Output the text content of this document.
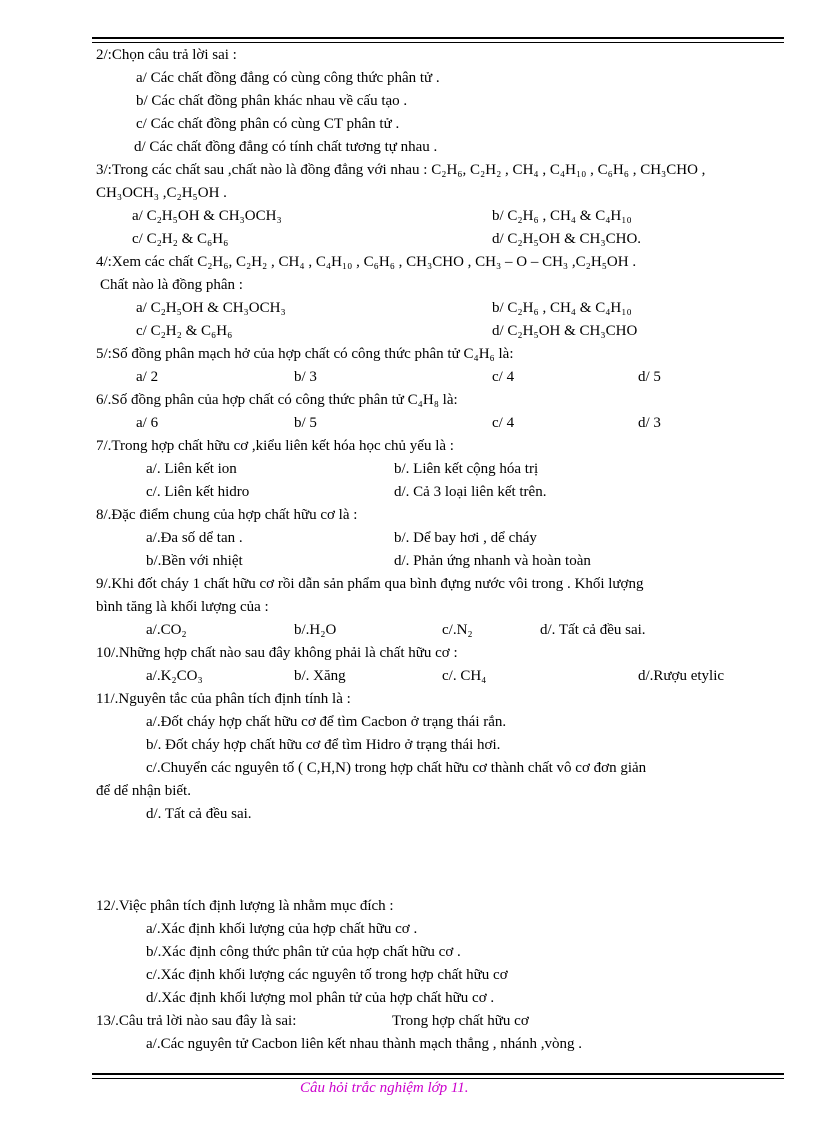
2/:Chọn câu trả lời sai :
a/ Các chất đồng đẳng có cùng công thức phân tử .
b/ Các chất đồng phân khác nhau về cấu tạo .
c/ Các chất đồng phân có cùng CT phân tử .
d/ Các chất đồng đẳng có tính chất tương tự nhau .
3/:Trong các chất sau ,chất nào là đồng đẳng với nhau : C₂H₆, C₂H₂ , CH₄ , C₄H₁₀ , C₆H₆ , CH₃CHO ,
CH₃OCH₃ ,C₂H₅OH .
a/ C₂H₅OH & CH₃OCH₃	b/ C₂H₆ , CH₄ & C₄H₁₀
c/ C₂H₂ & C₆H₆	d/ C₂H₅OH & CH₃CHO.
4/:Xem các chất C₂H₆, C₂H₂ , CH₄ , C₄H₁₀ , C₆H₆ , CH₃CHO , CH₃ – O – CH₃ ,C₂H₅OH .
Chất nào là đồng phân :
a/ C₂H₅OH & CH₃OCH₃	b/ C₂H₆ , CH₄ & C₄H₁₀
c/ C₂H₂ & C₆H₆	d/ C₂H₅OH & CH₃CHO
5/:Số đồng phân mạch hở của hợp chất có công thức phân tử C₄H₆ là:
a/ 2	b/ 3	c/ 4	d/ 5
6/.Số đồng phân của hợp chất có công thức phân tử C₄H₈ là:
a/ 6	b/ 5	c/ 4	d/ 3
7/.Trong hợp chất hữu cơ ,kiểu liên kết hóa học chủ yếu là :
a/. Liên kết ion	b/. Liên kết cộng hóa trị
c/. Liên kết hidro	d/. Cả 3 loại liên kết trên.
8/.Đặc điểm chung của hợp chất hữu cơ là :
a/.Đa số dể tan .	b/. Dể bay hơi , dể cháy
b/.Bền với nhiệt	d/. Phản ứng nhanh và hoàn toàn
9/.Khi đốt cháy 1 chất hữu cơ rồi dẫn sản phẩm qua bình đựng nước vôi trong . Khối lượng
bình tăng là khối lượng của :
a/.CO₂	b/.H₂O	c/.N₂	d/. Tất cả đều sai.
10/.Những hợp chất nào sau đây không phải là chất hữu cơ :
a/.K₂CO₃	b/. Xăng	c/. CH₄	d/.Rượu etylic
11/.Nguyên tắc của phân tích định tính là :
a/.Đốt cháy hợp chất hữu cơ để tìm Cacbon ở trạng thái rắn.
b/. Đốt cháy hợp chất hữu cơ để tìm Hidro ở trạng thái hơi.
c/.Chuyển các nguyên tố ( C,H,N) trong hợp chất hữu cơ thành chất vô cơ đơn giản
để dể nhận biết.
d/. Tất cả đều sai.
12/.Việc phân tích định lượng là nhằm mục đích :
a/.Xác định khối lượng của hợp chất hữu cơ .
b/.Xác định công thức phân tử của hợp chất hữu cơ .
c/.Xác định khối lượng các nguyên tố trong hợp chất hữu cơ
d/.Xác định khối lượng mol phân tử của hợp chất hữu cơ .
13/.Câu trả lời nào sau đây là sai:	Trong hợp chất hữu cơ
a/.Các nguyên tử Cacbon liên kết nhau thành mạch thẳng , nhánh ,vòng .
Câu hỏi trắc nghiệm lớp 11.
